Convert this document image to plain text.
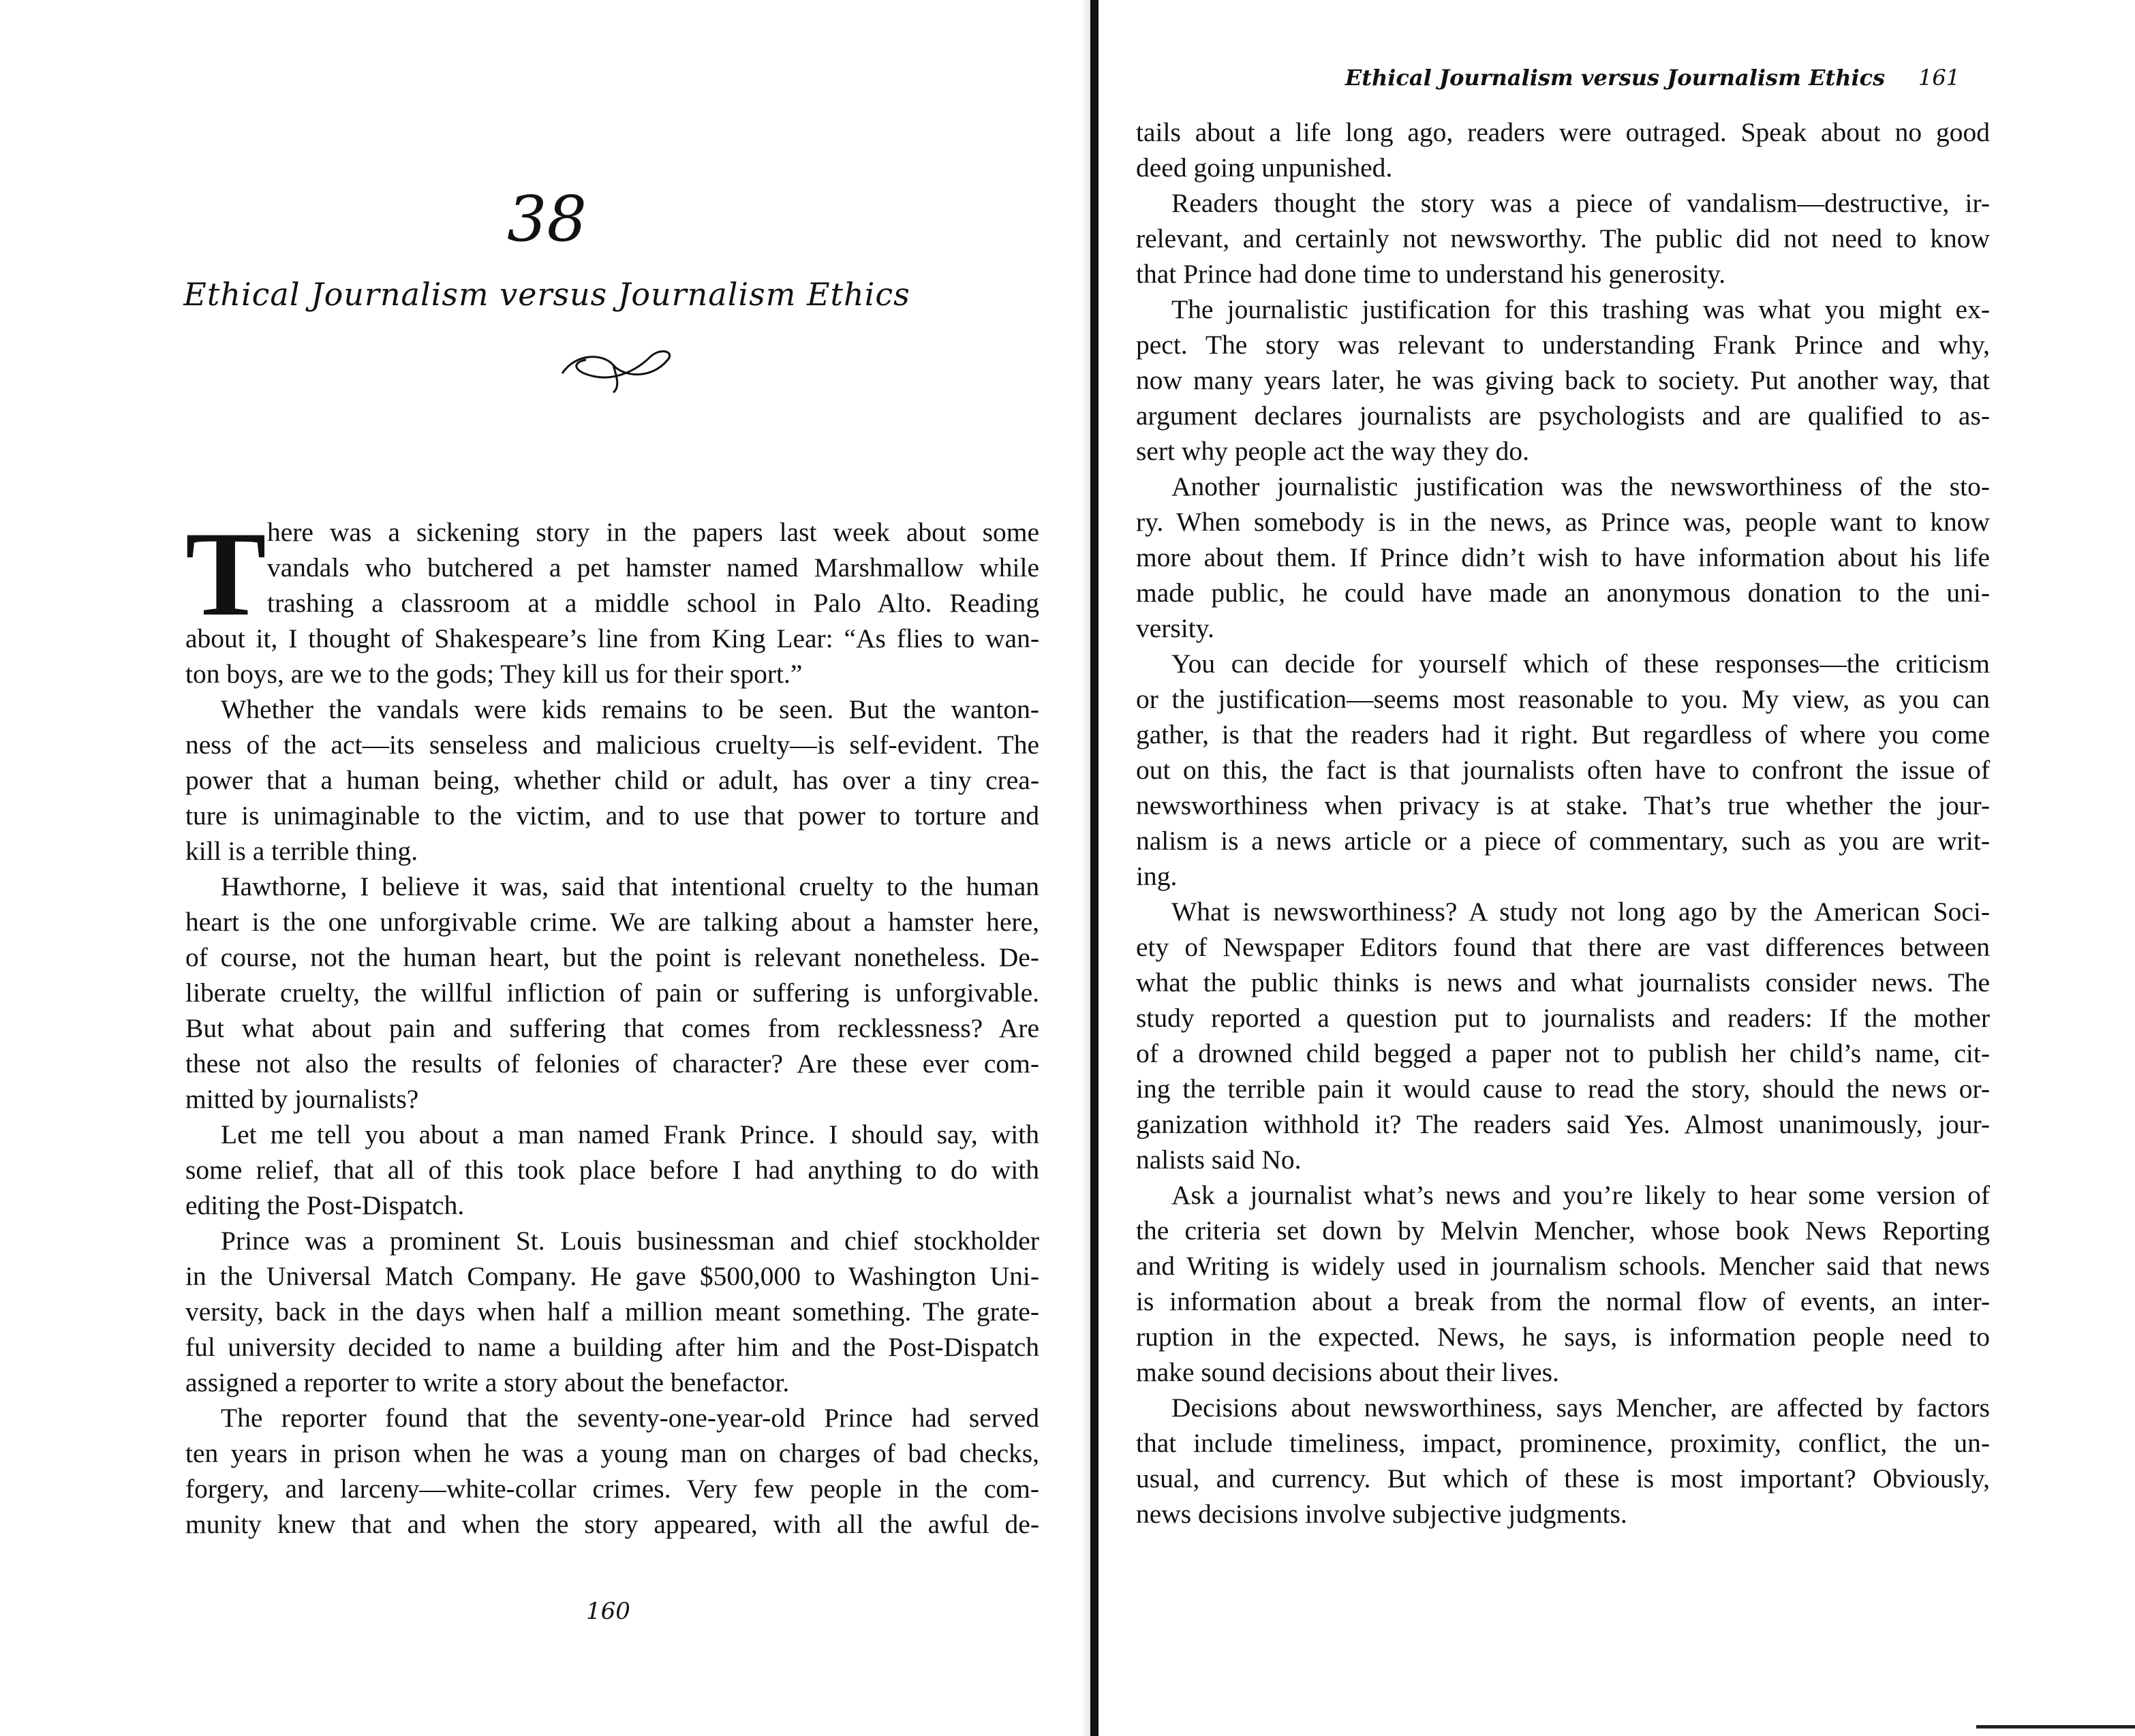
38
Ethical Journalism versus Journalism Ethics
T here was a sickening story in the papers last week about some
vandals who butchered a pet hamster named Marshmallow while
trashing a classroom at a middle school in Palo Alto. Reading
about it, I thought of Shakespeare’s line from King Lear: “As flies to wan-
ton boys, are we to the gods; They kill us for their sport.”
Whether the vandals were kids remains to be seen. But the wanton-
ness of the act—its senseless and malicious cruelty—is self-evident. The
power that a human being, whether child or adult, has over a tiny crea-
ture is unimaginable to the victim, and to use that power to torture and
kill is a terrible thing.
Hawthorne, I believe it was, said that intentional cruelty to the human
heart is the one unforgivable crime. We are talking about a hamster here,
of course, not the human heart, but the point is relevant nonetheless. De-
liberate cruelty, the willful infliction of pain or suffering is unforgivable.
But what about pain and suffering that comes from recklessness? Are
these not also the results of felonies of character? Are these ever com-
mitted by journalists?
Let me tell you about a man named Frank Prince. I should say, with
some relief, that all of this took place before I had anything to do with
editing the Post-Dispatch.
Prince was a prominent St. Louis businessman and chief stockholder
in the Universal Match Company. He gave $500,000 to Washington Uni-
versity, back in the days when half a million meant something. The grate-
ful university decided to name a building after him and the Post-Dispatch
assigned a reporter to write a story about the benefactor.
The reporter found that the seventy-one-year-old Prince had served
ten years in prison when he was a young man on charges of bad checks,
forgery, and larceny—white-collar crimes. Very few people in the com-
munity knew that and when the story appeared, with all the awful de-
160
Ethical Journalism versus Journalism Ethics	161
tails about a life long ago, readers were outraged. Speak about no good
deed going unpunished.
Readers thought the story was a piece of vandalism—destructive, ir-
relevant, and certainly not newsworthy. The public did not need to know
that Prince had done time to understand his generosity.
The journalistic justification for this trashing was what you might ex-
pect. The story was relevant to understanding Frank Prince and why,
now many years later, he was giving back to society. Put another way, that
argument declares journalists are psychologists and are qualified to as-
sert why people act the way they do.
Another journalistic justification was the newsworthiness of the sto-
ry. When somebody is in the news, as Prince was, people want to know
more about them. If Prince didn’t wish to have information about his life
made public, he could have made an anonymous donation to the uni-
versity.
You can decide for yourself which of these responses—the criticism
or the justification—seems most reasonable to you. My view, as you can
gather, is that the readers had it right. But regardless of where you come
out on this, the fact is that journalists often have to confront the issue of
newsworthiness when privacy is at stake. That’s true whether the jour-
nalism is a news article or a piece of commentary, such as you are writ-
ing.
What is newsworthiness? A study not long ago by the American Soci-
ety of Newspaper Editors found that there are vast differences between
what the public thinks is news and what journalists consider news. The
study reported a question put to journalists and readers: If the mother
of a drowned child begged a paper not to publish her child’s name, cit-
ing the terrible pain it would cause to read the story, should the news or-
ganization withhold it? The readers said Yes. Almost unanimously, jour-
nalists said No.
Ask a journalist what’s news and you’re likely to hear some version of
the criteria set down by Melvin Mencher, whose book News Reporting
and Writing is widely used in journalism schools. Mencher said that news
is information about a break from the normal flow of events, an inter-
ruption in the expected. News, he says, is information people need to
make sound decisions about their lives.
Decisions about newsworthiness, says Mencher, are affected by factors
that include timeliness, impact, prominence, proximity, conflict, the un-
usual, and currency. But which of these is most important? Obviously,
news decisions involve subjective judgments.
